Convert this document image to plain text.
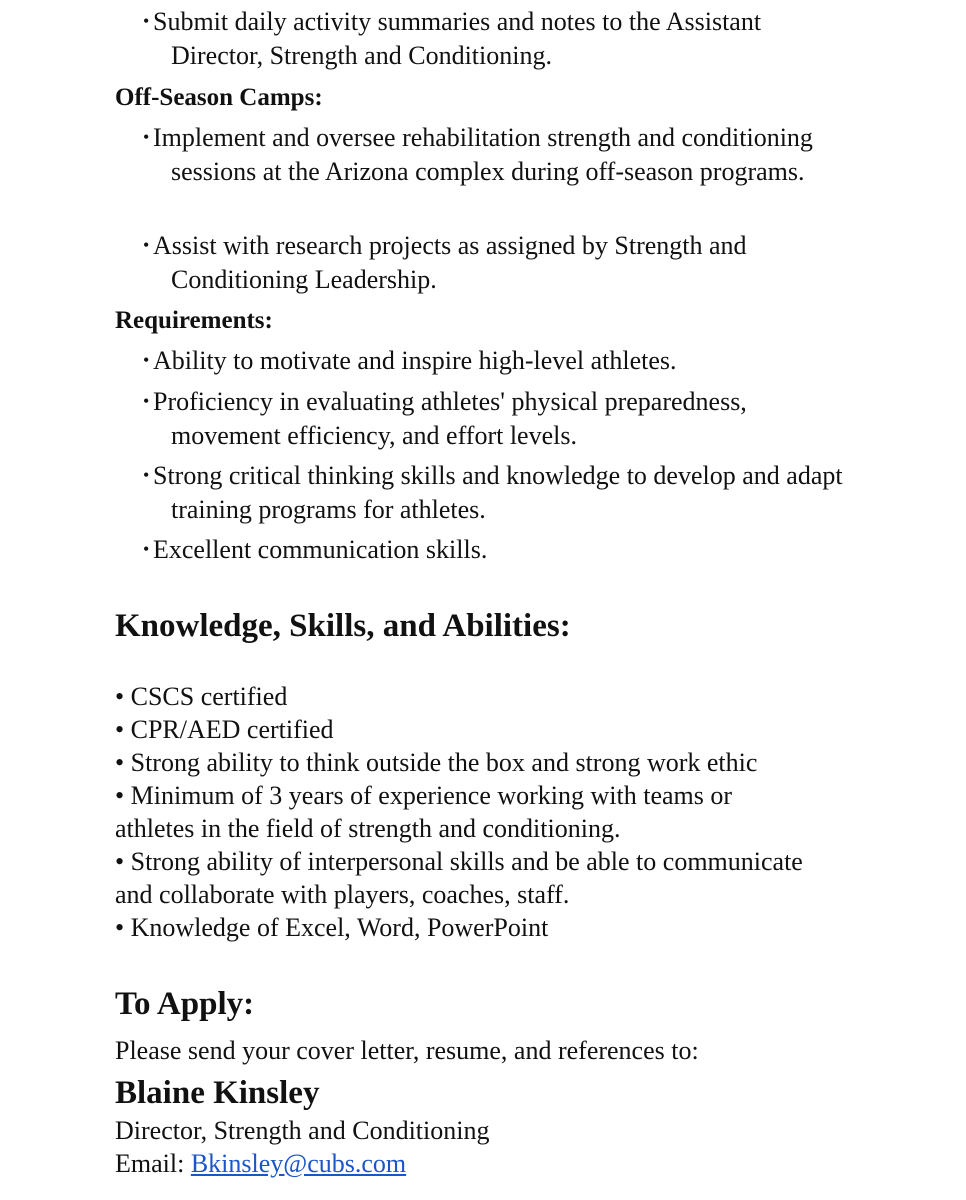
• Submit daily activity summaries and notes to the Assistant Director, Strength and Conditioning.
Off-Season Camps:
• Implement and oversee rehabilitation strength and conditioning sessions at the Arizona complex during off-season programs.
• Assist with research projects as assigned by Strength and Conditioning Leadership.
Requirements:
• Ability to motivate and inspire high-level athletes.
• Proficiency in evaluating athletes' physical preparedness, movement efficiency, and effort levels.
• Strong critical thinking skills and knowledge to develop and adapt training programs for athletes.
• Excellent communication skills.
Knowledge, Skills, and Abilities:
• CSCS certified
• CPR/AED certified
• Strong ability to think outside the box and strong work ethic
• Minimum of 3 years of experience working with teams or athletes in the field of strength and conditioning.
• Strong ability of interpersonal skills and be able to communicate and collaborate with players, coaches, staff.
• Knowledge of Excel, Word, PowerPoint
To Apply:
Please send your cover letter, resume, and references to:
Blaine Kinsley
Director, Strength and Conditioning
Email: Bkinsley@cubs.com
